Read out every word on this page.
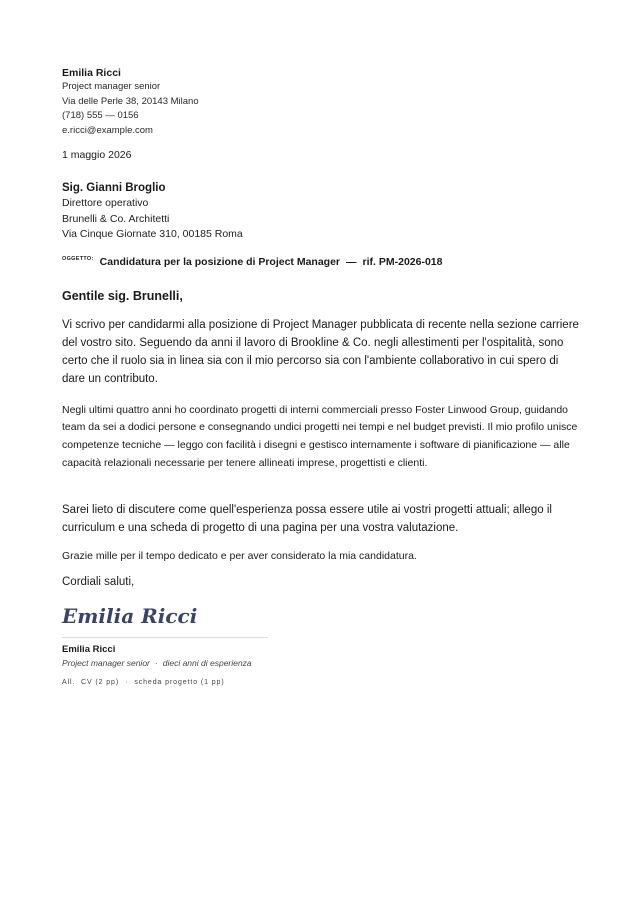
Emilia Ricci
Project manager senior
Via delle Perle 38, 20143 Milano
(718) 555 — 0156
e.ricci@example.com
1 maggio 2026
Sig. Gianni Broglio
Direttore operativo
Brunelli & Co. Architetti
Via Cinque Giornate 310, 00185 Roma
OGGETTO: Candidatura per la posizione di Project Manager — rif. PM-2026-018
Gentile sig. Brunelli,

Vi scrivo per candidarmi alla posizione di Project Manager pubblicata di recente nella sezione carriere del vostro sito. Seguendo da anni il lavoro di Brookline & Co. negli allestimenti per l'ospitalità, sono certo che il ruolo sia in linea sia con il mio percorso sia con l'ambiente collaborativo in cui spero di dare un contributo.

Negli ultimi quattro anni ho coordinato progetti di interni commerciali presso Foster Linwood Group, guidando team da sei a dodici persone e consegnando undici progetti nei tempi e nel budget previsti. Il mio profilo unisce competenze tecniche — leggo con facilità i disegni e gestisco internamente i software di pianificazione — alle capacità relazionali necessarie per tenere allineati imprese, progettisti e clienti.

Sarei lieto di discutere come quell'esperienza possa essere utile ai vostri progetti attuali; allego il curriculum e una scheda di progetto di una pagina per una vostra valutazione.

Grazie mille per il tempo dedicato e per aver considerato la mia candidatura.

Cordiali saluti,
Emilia Ricci
Emilia Ricci
Project manager senior · dieci anni di esperienza
All. CV (2 pp) · scheda progetto (1 pp)
